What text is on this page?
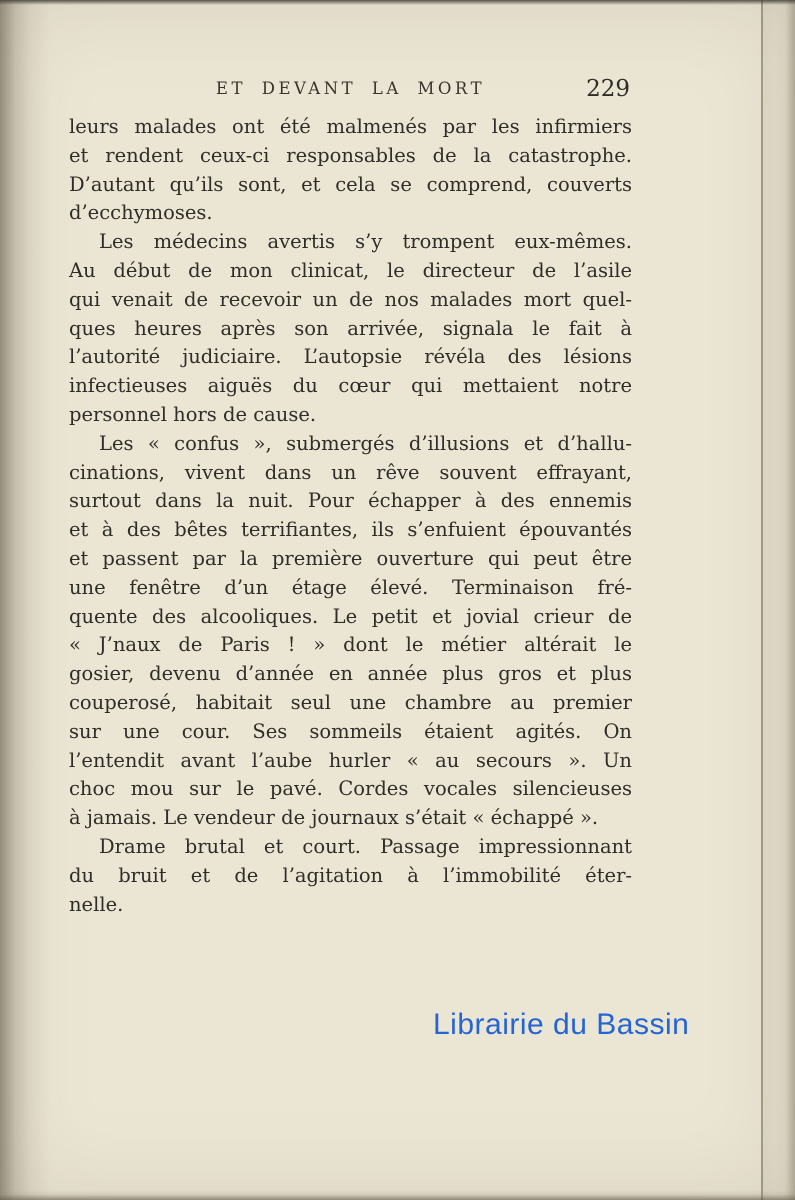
ET DEVANT LA MORT	229
leurs malades ont été malmenés par les infirmiers
et rendent ceux-ci responsables de la catastrophe.
D’autant qu’ils sont, et cela se comprend, couverts
d’ecchymoses.
Les médecins avertis s’y trompent eux-mêmes.
Au début de mon clinicat, le directeur de l’asile
qui venait de recevoir un de nos malades mort quel-
ques heures après son arrivée, signala le fait à
l’autorité judiciaire. L’autopsie révéla des lésions
infectieuses aiguës du cœur qui mettaient notre
personnel hors de cause.
Les « confus », submergés d’illusions et d’hallu-
cinations, vivent dans un rêve souvent effrayant,
surtout dans la nuit. Pour échapper à des ennemis
et à des bêtes terrifiantes, ils s’enfuient épouvantés
et passent par la première ouverture qui peut être
une fenêtre d’un étage élevé. Terminaison fré-
quente des alcooliques. Le petit et jovial crieur de
« J’naux de Paris ! » dont le métier altérait le
gosier, devenu d’année en année plus gros et plus
couperosé, habitait seul une chambre au premier
sur une cour. Ses sommeils étaient agités. On
l’entendit avant l’aube hurler « au secours ». Un
choc mou sur le pavé. Cordes vocales silencieuses
à jamais. Le vendeur de journaux s’était « échappé ».
Drame brutal et court. Passage impressionnant
du bruit et de l’agitation à l’immobilité éter-
nelle.
Librairie du Bassin
